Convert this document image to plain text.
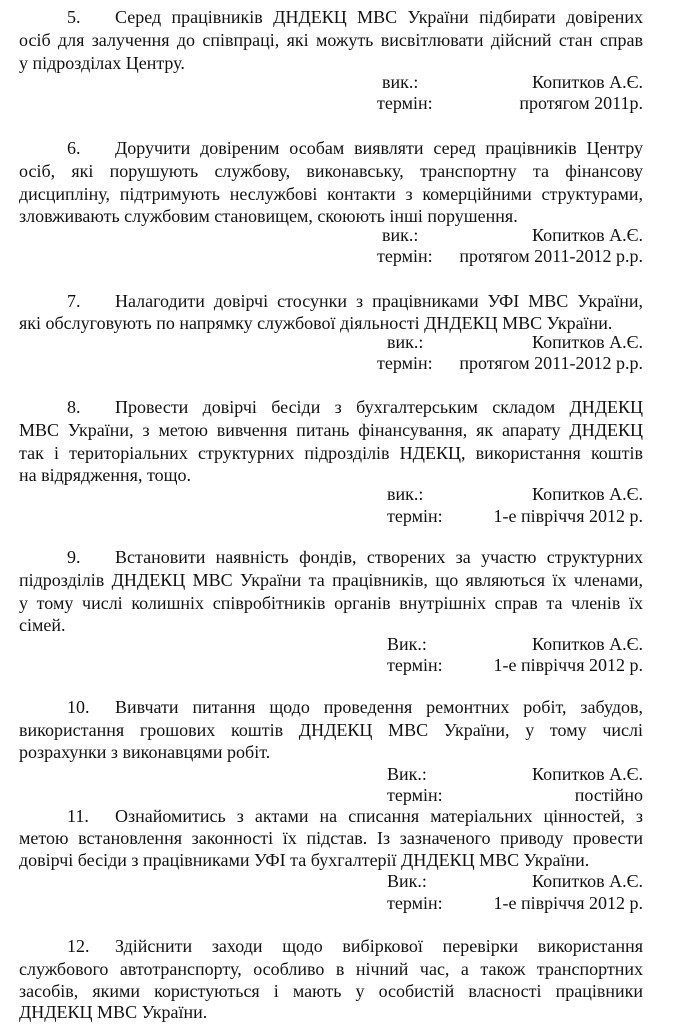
5. Серед працівників ДНДЕКЦ МВС України підбирати довірених
осіб для залучення до співпраці, які можуть висвітлювати дійсний стан справ
у підрозділах Центру.
вик.:	Копитков А.Є.
термін:	протягом 2011р.
6. Доручити довіреним особам виявляти серед працівників Центру
осіб, які порушують службову, виконавську, транспортну та фінансову
дисципліну, підтримують неслужбові контакти з комерційними структурами,
зловживають службовим становищем, скоюють інші порушення.
вик.:	Копитков А.Є.
термін: протягом 2011-2012 р.р.
7. Налагодити довірчі стосунки з працівниками УФІ МВС України,
які обслуговують по напрямку службової діяльності ДНДЕКЦ МВС України.
вик.:	Копитков А.Є.
термін: протягом 2011-2012 р.р.
8. Провести довірчі бесіди з бухгалтерським складом ДНДЕКЦ
МВС України, з метою вивчення питань фінансування, як апарату ДНДЕКЦ
так і територіальних структурних підрозділів НДЕКЦ, використання коштів
на відрядження, тощо.
вик.:	Копитков А.Є.
термін:	1-е півріччя 2012 р.
9. Встановити наявність фондів, створених за участю структурних
підрозділів ДНДЕКЦ МВС України та працівників, що являються їх членами,
у тому числі колишніх співробітників органів внутрішніх справ та членів їх
сімей.
Вик.:	Копитков А.Є.
термін:	1-е півріччя 2012 р.
10. Вивчати питання щодо проведення ремонтних робіт, забудов,
використання грошових коштів ДНДЕКЦ МВС України, у тому числі
розрахунки з виконавцями робіт.
Вик.:	Копитков А.Є.
термін:	постійно
11. Ознайомитись з актами на списання матеріальних цінностей, з
метою встановлення законності їх підстав. Із зазначеного приводу провести
довірчі бесіди з працівниками УФІ та бухгалтерії ДНДЕКЦ МВС України.
Вик.:	Копитков А.Є.
термін:	1-е півріччя 2012 р.
12. Здійснити заходи щодо вибіркової перевірки використання
службового автотранспорту, особливо в нічний час, а також транспортних
засобів, якими користуються і мають у особистій власності працівники
ДНДЕКЦ МВС України.
